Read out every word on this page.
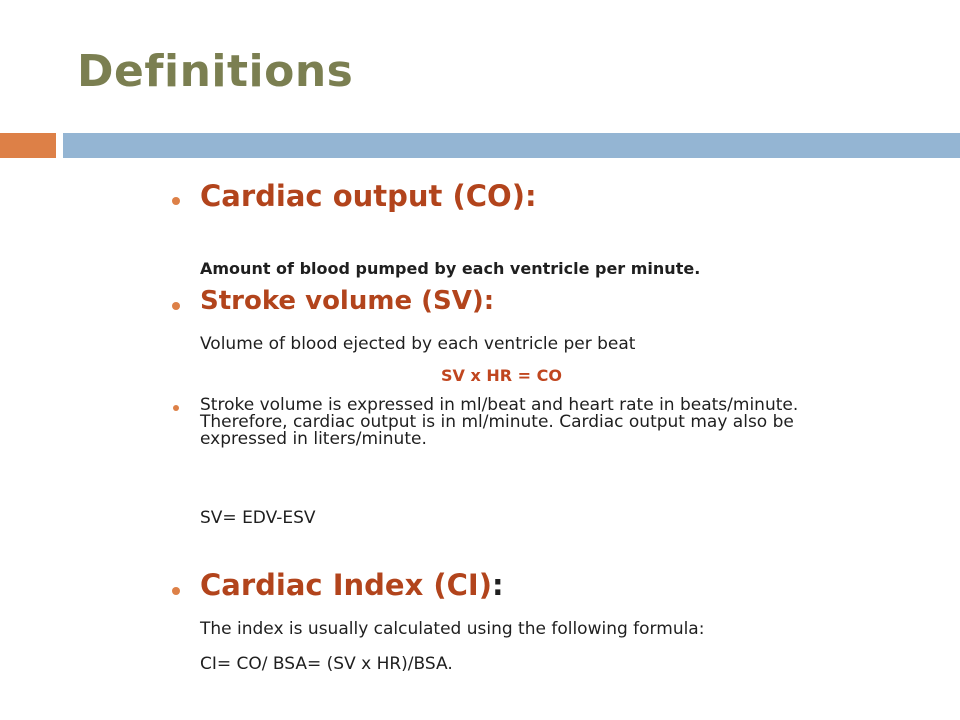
Definitions

Cardiac output (CO):

Amount of blood pumped by each ventricle per minute.

Stroke volume (SV):

Volume of blood ejected by each ventricle per beat

SV x HR = CO

Stroke volume is expressed in ml/beat and heart rate in beats/minute. Therefore, cardiac output is in ml/minute. Cardiac output may also be expressed in liters/minute.

SV= EDV-ESV

Cardiac Index (CI):

The index is usually calculated using the following formula:

CI= CO/ BSA= (SV x HR)/BSA.
